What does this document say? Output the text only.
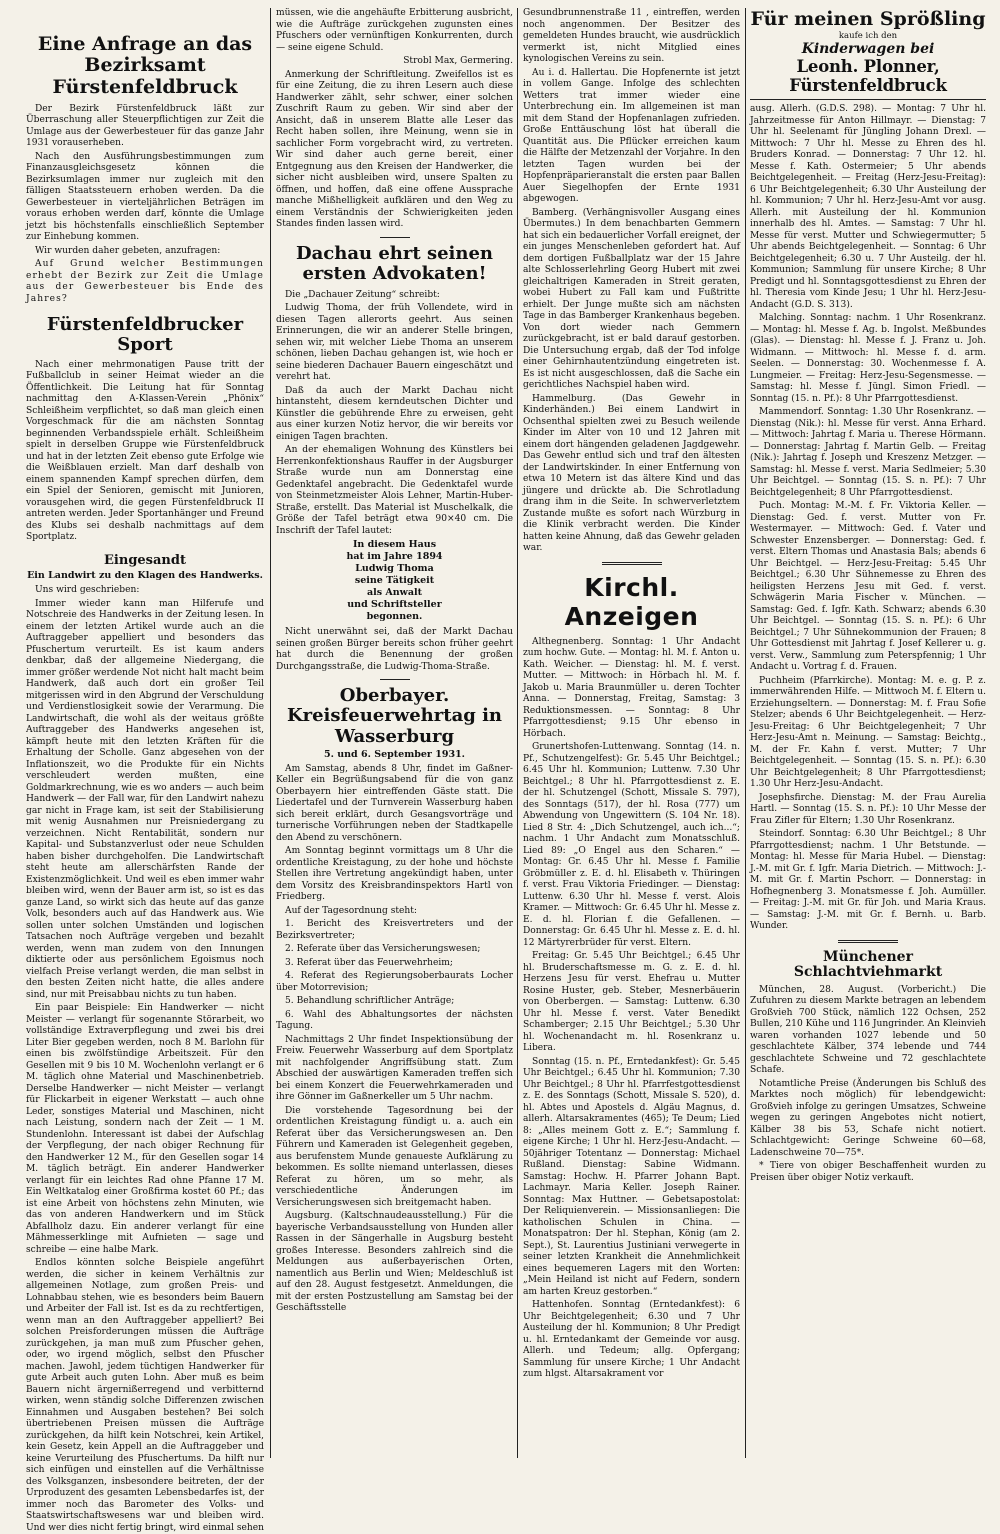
Eine Anfrage an das Bezirksamt Fürstenfeldbruck

Der Bezirk Fürstenfeldbruck läßt zur Überraschung aller Steuerpflichtigen zur Zeit die Umlage aus der Gewerbesteuer für das ganze Jahr 1931 vorauserheben.

Nach den Ausführungsbestimmungen zum Finanzausgleichsgesetz können die Bezirksumlagen immer nur zugleich mit den fälligen Staatssteuern erhoben werden. Da die Gewerbesteuer in vierteljährlichen Beträgen im voraus erhoben werden darf, könnte die Umlage jetzt bis höchstenfalls einschließlich September zur Einhebung kommen.

Wir wurden daher gebeten, anzufragen:

Auf Grund welcher Bestimmungen erhebt der Bezirk zur Zeit die Umlage aus der Gewerbesteuer bis Ende des Jahres?

Fürstenfeldbrucker Sport

Nach einer mehrmonatigen Pause tritt der Fußballclub in seiner Heimat wieder an die Öffentlichkeit. Die Leitung hat für Sonntag nachmittag den A-Klassen-Verein „Phönix“ Schleißheim verpflichtet, so daß man gleich einen Vorgeschmack für die am nächsten Sonntag beginnenden Verbandsspiele erhält. Schleißheim spielt in derselben Gruppe wie Fürstenfeldbruck und hat in der letzten Zeit ebenso gute Erfolge wie die Weißblauen erzielt. Man darf deshalb von einem spannenden Kampf sprechen dürfen, dem ein Spiel der Senioren, gemischt mit Junioren, vorausgehen wird, die gegen Fürstenfeldbruck II antreten werden. Jeder Sportanhänger und Freund des Klubs sei deshalb nachmittags auf dem Sportplatz.

Eingesandt
Ein Landwirt zu den Klagen des Handwerks.

Uns wird geschrieben:

Immer wieder kann man Hilferufe und Notschreie des Handwerks in der Zeitung lesen. In einem der letzten Artikel wurde auch an die Auftraggeber appelliert und besonders das Pfuschertum verurteilt. Es ist kaum anders denkbar, daß der allgemeine Niedergang, die immer größer werdende Not nicht halt macht beim Handwerk, daß auch dort ein großer Teil mitgerissen wird in den Abgrund der Verschuldung und Verdienstlosigkeit sowie der Verarmung. Die Landwirtschaft, die wohl als der weitaus größte Auftraggeber des Handwerks angesehen ist, kämpft heute mit den letzten Kräften für die Erhaltung der Scholle. Ganz abgesehen von der Inflationszeit, wo die Produkte für ein Nichts verschleudert werden mußten, eine Goldmarkrechnung, wie es wo anders — auch beim Handwerk — der Fall war, für den Landwirt nahezu gar nicht in Frage kam, ist seit der Stabilisierung mit wenig Ausnahmen nur Preisniedergang zu verzeichnen. Nicht Rentabilität, sondern nur Kapital- und Substanzverlust oder neue Schulden haben bisher durchgeholfen. Die Landwirtschaft steht heute am allerschärfsten Rande der Existenzmöglichkeit. Und weil es eben immer wahr bleiben wird, wenn der Bauer arm ist, so ist es das ganze Land, so wirkt sich das heute auf das ganze Volk, besonders auch auf das Handwerk aus. Wie sollen unter solchen Umständen und logischen Tatsachen noch Aufträge vergeben und bezahlt werden, wenn man zudem von den Innungen diktierte oder aus persönlichem Egoismus noch vielfach Preise verlangt werden, die man selbst in den besten Zeiten nicht hatte, die alles andere sind, nur mit Preisabbau nichts zu tun haben.

Ein paar Beispiele: Ein Handwerker — nicht Meister — verlangt für sogenannte Störarbeit, wo vollständige Extraverpflegung und zwei bis drei Liter Bier gegeben werden, noch 8 M. Barlohn für einen bis zwölfstündige Arbeitszeit. Für den Gesellen mit 9 bis 10 M. Wochenlohn verlangt er 6 M. täglich ohne Material und Maschinenbetrieb. Derselbe Handwerker — nicht Meister — verlangt für Flickarbeit in eigener Werkstatt — auch ohne Leder, sonstiges Material und Maschinen, nicht nach Leistung, sondern nach der Zeit — 1 M. Stundenlohn. Interessant ist dabei der Aufschlag der Verpflegung, der nach obiger Rechnung für den Handwerker 12 M., für den Gesellen sogar 14 M. täglich beträgt. Ein anderer Handwerker verlangt für ein leichtes Rad ohne Pfanne 17 M. Ein Weltkatalog einer Großfirma kostet 60 Pf.; das ist eine Arbeit von höchstens zehn Minuten, wie das von anderen Handwerkern und im Stück Abfallholz dazu. Ein anderer verlangt für eine Mähmesserklinge mit Aufnieten — sage und schreibe — eine halbe Mark.

Endlos könnten solche Beispiele angeführt werden, die sicher in keinem Verhältnis zur allgemeinen Notlage, zum großen Preis- und Lohnabbau stehen, wie es besonders beim Bauern und Arbeiter der Fall ist. Ist es da zu rechtfertigen, wenn man an den Auftraggeber appelliert? Bei solchen Preisforderungen müssen die Aufträge zurückgehen, ja man muß zum Pfuscher gehen, oder, wo irgend möglich, selbst den Pfuscher machen. Jawohl, jedem tüchtigen Handwerker für gute Arbeit auch guten Lohn. Aber muß es beim Bauern nicht ärgernißerregend und verbitternd wirken, wenn ständig solche Differenzen zwischen Einnahmen und Ausgaben bestehen? Bei solch übertriebenen Preisen müssen die Aufträge zurückgehen, da hilft kein Notschrei, kein Artikel, kein Gesetz, kein Appell an die Auftraggeber und keine Verurteilung des Pfuschertums. Da hilft nur sich einfügen und einstellen auf die Verhältnisse des Volksganzen, insbesondere beitreten, der der Urproduzent des gesamten Lebensbedarfes ist, der immer noch das Barometer des Volks- und Staatswirtschaftswesens war und bleiben wird. Und wer dies nicht fertig bringt, wird einmal sehen

müssen, wie die angehäufte Erbitterung ausbricht, wie die Aufträge zurückgehen zugunsten eines Pfuschers oder vernünftigen Konkurrenten, durch — seine eigene Schuld.

Strobl Max, Germering.

Anmerkung der Schriftleitung. Zweifellos ist es für eine Zeitung, die zu ihren Lesern auch diese Handwerker zählt, sehr schwer, einer solchen Zuschrift Raum zu geben. Wir sind aber der Ansicht, daß in unserem Blatte alle Leser das Recht haben sollen, ihre Meinung, wenn sie in sachlicher Form vorgebracht wird, zu vertreten. Wir sind daher auch gerne bereit, einer Entgegnung aus den Kreisen der Handwerker, die sicher nicht ausbleiben wird, unsere Spalten zu öffnen, und hoffen, daß eine offene Aussprache manche Mißhelligkeit aufklären und den Weg zu einem Verständnis der Schwierigkeiten jeden Standes finden lassen wird.

Dachau ehrt seinen ersten Advokaten!

Die „Dachauer Zeitung“ schreibt:

Ludwig Thoma, der früh Vollendete, wird in diesen Tagen allerorts geehrt. Aus seinen Erinnerungen, die wir an anderer Stelle bringen, sehen wir, mit welcher Liebe Thoma an unserem schönen, lieben Dachau gehangen ist, wie hoch er seine biederen Dachauer Bauern eingeschätzt und verehrt hat.

Daß da auch der Markt Dachau nicht hintansteht, diesem kerndeutschen Dichter und Künstler die gebührende Ehre zu erweisen, geht aus einer kurzen Notiz hervor, die wir bereits vor einigen Tagen brachten.

An der ehemaligen Wohnung des Künstlers bei Herrenkonfektionshaus Rauffer in der Augsburger Straße wurde nun am Donnerstag eine Gedenktafel angebracht. Die Gedenktafel wurde von Steinmetzmeister Alois Lehner, Martin-Huber-Straße, erstellt. Das Material ist Muschelkalk, die Größe der Tafel beträgt etwa 90×40 cm. Die Inschrift der Tafel lautet:

In diesem Haus
hat im Jahre 1894
Ludwig Thoma
seine Tätigkeit
als Anwalt
und Schriftsteller
begonnen.

Nicht unerwähnt sei, daß der Markt Dachau seinen großen Bürger bereits schon früher geehrt hat durch die Benennung der großen Durchgangsstraße, die Ludwig-Thoma-Straße.

Oberbayer. Kreisfeuerwehrtag in Wasserburg
5. und 6. September 1931.

Am Samstag, abends 8 Uhr, findet im Gaßner-Keller ein Begrüßungsabend für die von ganz Oberbayern hier eintreffenden Gäste statt. Die Liedertafel und der Turnverein Wasserburg haben sich bereit erklärt, durch Gesangsvorträge und turnerische Vorführungen neben der Stadtkapelle den Abend zu verschönern.

Am Sonntag beginnt vormittags um 8 Uhr die ordentliche Kreistagung, zu der hohe und höchste Stellen ihre Vertretung angekündigt haben, unter dem Vorsitz des Kreisbrandinspektors Hartl von Friedberg.

Auf der Tagesordnung steht:

1. Bericht des Kreisvertreters und der Bezirksvertreter;

2. Referate über das Versicherungswesen;

3. Referat über das Feuerwehrheim;

4. Referat des Regierungsoberbaurats Locher über Motorrevision;

5. Behandlung schriftlicher Anträge;

6. Wahl des Abhaltungsortes der nächsten Tagung.

Nachmittags 2 Uhr findet Inspektionsübung der Freiw. Feuerwehr Wasserburg auf dem Sportplatz mit nachfolgender Angriffsübung statt. Zum Abschied der auswärtigen Kameraden treffen sich bei einem Konzert die Feuerwehrkameraden und ihre Gönner im Gaßnerkeller um 5 Uhr nachm.

Die vorstehende Tagesordnung bei der ordentlichen Kreistagung fündigt u. a. auch ein Referat über das Versicherungswesen an. Den Führern und Kameraden ist Gelegenheit gegeben, aus berufenstem Munde genaueste Aufklärung zu bekommen. Es sollte niemand unterlassen, dieses Referat zu hören, um so mehr, als verschiedentliche Änderungen im Versicherungswesen sich breitgemacht haben.

Augsburg. (Kaltschnaudeausstellung.) Für die bayerische Verbandsausstellung von Hunden aller Rassen in der Sängerhalle in Augsburg besteht großes Interesse. Besonders zahlreich sind die Meldungen aus außerbayerischen Orten, namentlich aus Berlin und Wien; Meldeschluß ist auf den 28. August festgesetzt. Anmeldungen, die mit der ersten Postzustellung am Samstag bei der Geschäftsstelle

Gesundbrunnenstraße 11 , eintreffen, werden noch angenommen. Der Besitzer des gemeldeten Hundes braucht, wie ausdrücklich vermerkt ist, nicht Mitglied eines kynologischen Vereins zu sein.

Au i. d. Hallertau. Die Hopfenernte ist jetzt in vollem Gange. Infolge des schlechten Wetters trat immer wieder eine Unterbrechung ein. Im allgemeinen ist man mit dem Stand der Hopfenanlagen zufrieden. Große Enttäuschung löst hat überall die Quantität aus. Die Pflücker erreichen kaum die Hälfte der Metzenzahl der Vorjahre. In den letzten Tagen wurden bei der Hopfenpräparieranstalt die ersten paar Ballen Auer Siegelhopfen der Ernte 1931 abgewogen.

Bamberg. (Verhängnisvoller Ausgang eines Übermutes.) In dem benachbarten Gemmern hat sich ein bedauerlicher Vorfall ereignet, der ein junges Menschenleben gefordert hat. Auf dem dortigen Fußballplatz war der 15 Jahre alte Schlosserlehrling Georg Hubert mit zwei gleichaltrigen Kameraden in Streit geraten, wobei Hubert zu Fall kam und Fußtritte erhielt. Der Junge mußte sich am nächsten Tage in das Bamberger Krankenhaus begeben. Von dort wieder nach Gemmern zurückgebracht, ist er bald darauf gestorben. Die Untersuchung ergab, daß der Tod infolge einer Gehirnhautentzündung eingetreten ist. Es ist nicht ausgeschlossen, daß die Sache ein gerichtliches Nachspiel haben wird.

Hammelburg. (Das Gewehr in Kinderhänden.) Bei einem Landwirt in Ochsenthal spielten zwei zu Besuch weilende Kinder im Alter von 10 und 12 Jahren mit einem dort hängenden geladenen Jagdgewehr. Das Gewehr entlud sich und traf den ältesten der Landwirtskinder. In einer Entfernung von etwa 10 Metern ist das ältere Kind und das jüngere und drückte ab. Die Schrotladung drang ihm in die Seite. In schwerverletztem Zustande mußte es sofort nach Würzburg in die Klinik verbracht werden. Die Kinder hatten keine Ahnung, daß das Gewehr geladen war.

Kirchl. Anzeigen

Althegnenberg. Sonntag: 1 Uhr Andacht zum hochw. Gute. — Montag: hl. M. f. Anton u. Kath. Weicher. — Dienstag: hl. M. f. verst. Mutter. — Mittwoch: in Hörbach hl. M. f. Jakob u. Maria Braunmüller u. deren Tochter Anna. — Donnerstag, Freitag, Samstag: 3 Reduktionsmessen. — Sonntag: 8 Uhr Pfarrgottesdienst; 9.15 Uhr ebenso in Hörbach.

Grunertshofen-Luttenwang. Sonntag (14. n. Pf., Schutzengelfest): Gr. 5.45 Uhr Beichtgel.; 6.45 Uhr hl. Kommunion; Luttenw. 7.30 Uhr Beichtgel.; 8 Uhr hl. Pfarrgottesdienst z. E. der hl. Schutzengel (Schott, Missale S. 797), des Sonntags (517), der hl. Rosa (777) um Abwendung von Ungewittern (S. 104 Nr. 18). Lied 8 Str. 4: „Dich Schutzengel, auch ich...“; nachm. 1 Uhr Andacht zum Monatsschluß. Lied 89: „O Engel aus den Scharen.“ — Montag: Gr. 6.45 Uhr hl. Messe f. Familie Gröbmüller z. E. d. hl. Elisabeth v. Thüringen f. verst. Frau Viktoria Friedinger. — Dienstag: Luttenw. 6.30 Uhr hl. Messe f. verst. Alois Kramer. — Mittwoch: Gr. 6.45 Uhr hl. Messe z. E. d. hl. Florian f. die Gefallenen. — Donnerstag: Gr. 6.45 Uhr hl. Messe z. E. d. hl. 12 Märtyrerbrüder für verst. Eltern.

Freitag: Gr. 5.45 Uhr Beichtgel.; 6.45 Uhr hl. Bruderschaftsmesse m. G. z. E. d. hl. Herzens Jesu für verst. Ehefrau u. Mutter Rosine Huster, geb. Steber, Mesnerbäuerin von Oberbergen. — Samstag: Luttenw. 6.30 Uhr hl. Messe f. verst. Vater Benedikt Schamberger; 2.15 Uhr Beichtgel.; 5.30 Uhr hl. Wochenandacht m. hl. Rosenkranz u. Libera.

Sonntag (15. n. Pf., Erntedankfest): Gr. 5.45 Uhr Beichtgel.; 6.45 Uhr hl. Kommunion; 7.30 Uhr Beichtgel.; 8 Uhr hl. Pfarrfestgottesdienst z. E. des Sonntags (Schott, Missale S. 520), d. hl. Abtes und Apostels d. Algäu Magnus, d. allerh. Altarsakramentes (465); Te Deum; Lied 8: „Alles meinem Gott z. E.“; Sammlung f. eigene Kirche; 1 Uhr hl. Herz-Jesu-Andacht. — 50jähriger Totentanz — Donnerstag: Michael Rußland. Dienstag: Sabine Widmann. Samstag: Hochw. H. Pfarrer Johann Bapt. Lachmayr. Maria Keller. Joseph Rainer. Sonntag: Max Huttner. — Gebetsapostolat: Der Reliquienverein. — Missionsanliegen: Die katholischen Schulen in China. — Monatspatron: Der hl. Stephan, König (am 2. Sept.), St. Laurentius Justiniani verwegerte in seiner letzten Krankheit die Annehmlichkeit eines bequemeren Lagers mit den Worten: „Mein Heiland ist nicht auf Federn, sondern am harten Kreuz gestorben.“

Hattenhofen. Sonntag (Erntedankfest): 6 Uhr Beichtgelegenheit; 6.30 und 7 Uhr Austeilung der hl. Kommunion; 8 Uhr Predigt u. hl. Erntedankamt der Gemeinde vor ausg. Allerh. und Tedeum; allg. Opfergang; Sammlung für unsere Kirche; 1 Uhr Andacht zum hlgst. Altarsakrament vor

Für meinen Sprößling
kaufe ich den
Kinderwagen bei
Leonh. Plonner, Fürstenfeldbruck

ausg. Allerh. (G.D.S. 298). — Montag: 7 Uhr hl. Jahrzeitmesse für Anton Hillmayr. — Dienstag: 7 Uhr hl. Seelenamt für Jüngling Johann Drexl. — Mittwoch: 7 Uhr hl. Messe zu Ehren des hl. Bruders Konrad. — Donnerstag: 7 Uhr 12. hl. Messe f. Kath. Ostermeier; 5 Uhr abends Beichtgelegenheit. — Freitag (Herz-Jesu-Freitag): 6 Uhr Beichtgelegenheit; 6.30 Uhr Austeilung der hl. Kommunion; 7 Uhr hl. Herz-Jesu-Amt vor ausg. Allerh. mit Austeilung der hl. Kommunion innerhalb des hl. Amtes. — Samstag: 7 Uhr hl. Messe für verst. Mutter und Schwiegermutter; 5 Uhr abends Beichtgelegenheit. — Sonntag: 6 Uhr Beichtgelegenheit; 6.30 u. 7 Uhr Austeilg. der hl. Kommunion; Sammlung für unsere Kirche; 8 Uhr Predigt und hl. Sonntagsgottesdienst zu Ehren der hl. Theresia vom Kinde Jesu; 1 Uhr hl. Herz-Jesu-Andacht (G.D. S. 313).

Malching. Sonntag: nachm. 1 Uhr Rosenkranz. — Montag: hl. Messe f. Ag. b. Ingolst. Meßbundes (Glas). — Dienstag: hl. Messe f. J. Franz u. Joh. Widmann. — Mittwoch: hl. Messe f. d. arm. Seelen. — Donnerstag: 30. Wochenmesse f. A. Lungmeier. — Freitag: Herz-Jesu-Segensmesse. — Samstag: hl. Messe f. Jüngl. Simon Friedl. — Sonntag (15. n. Pf.): 8 Uhr Pfarrgottesdienst.

Mammendorf. Sonntag: 1.30 Uhr Rosenkranz. — Dienstag (Nik.): hl. Messe für verst. Anna Erhard. — Mittwoch: Jahrtag f. Maria u. Therese Hörmann. — Donnerstag: Jahrtag f. Martin Gelb. — Freitag (Nik.): Jahrtag f. Joseph und Kreszenz Metzger. — Samstag: hl. Messe f. verst. Maria Sedlmeier; 5.30 Uhr Beichtgel. — Sonntag (15. S. n. Pf.): 7 Uhr Beichtgelegenheit; 8 Uhr Pfarrgottesdienst.

Puch. Montag: M.-M. f. Fr. Viktoria Keller. — Dienstag: Ged. f. verst. Mutter von Fr. Westermayer. — Mittwoch: Ged. f. Vater und Schwester Enzensberger. — Donnerstag: Ged. f. verst. Eltern Thomas und Anastasia Bals; abends 6 Uhr Beichtgel. — Herz-Jesu-Freitag: 5.45 Uhr Beichtgel.; 6.30 Uhr Sühnemesse zu Ehren des heiligsten Herzens Jesu mit Ged. f. verst. Schwägerin Maria Fischer v. München. — Samstag: Ged. f. Igfr. Kath. Schwarz; abends 6.30 Uhr Beichtgel. — Sonntag (15. S. n. Pf.): 6 Uhr Beichtgel.; 7 Uhr Sühnekommunion der Frauen; 8 Uhr Gottesdienst mit Jahrtag f. Josef Kellerer u. g. verst. Verw., Sammlung zum Peterspfennig; 1 Uhr Andacht u. Vortrag f. d. Frauen.

Puchheim (Pfarrkirche). Montag: M. e. g. P. z. immerwährenden Hilfe. — Mittwoch M. f. Eltern u. Erziehungseltern. — Donnerstag: M. f. Frau Sofie Stelzer; abends 6 Uhr Beichtgelegenheit. — Herz-Jesu-Freitag: 6 Uhr Beichtgelegenheit; 7 Uhr Herz-Jesu-Amt n. Meinung. — Samstag: Beichtg., M. der Fr. Kahn f. verst. Mutter; 7 Uhr Beichtgelegenheit. — Sonntag (15. S. n. Pf.): 6.30 Uhr Beichtgelegenheit; 8 Uhr Pfarrgottesdienst; 1.30 Uhr Herz-Jesu-Andacht.

Josephsfirche. Dienstag: M. der Frau Aurelia Hartl. — Sonntag (15. S. n. Pf.): 10 Uhr Messe der Frau Zifler für Eltern; 1.30 Uhr Rosenkranz.

Steindorf. Sonntag: 6.30 Uhr Beichtgel.; 8 Uhr Pfarrgottesdienst; nachm. 1 Uhr Betstunde. — Montag: hl. Messe für Maria Hubel. — Dienstag: J.-M. mit Gr. f. Igfr. Maria Dietrich. — Mittwoch: J.-M. mit Gr. f. Martin Pschorr. — Donnerstag: in Hofhegnenberg 3. Monatsmesse f. Joh. Aumüller. — Freitag: J.-M. mit Gr. für Joh. und Maria Kraus. — Samstag: J.-M. mit Gr. f. Bernh. u. Barb. Wunder.

Münchener Schlachtviehmarkt

München, 28. August. (Vorbericht.) Die Zufuhren zu diesem Markte betragen an lebendem Großvieh 700 Stück, nämlich 122 Ochsen, 252 Bullen, 210 Kühe und 116 Jungrinder. An Kleinvieh waren vorhanden 1027 lebende und 50 geschlachtete Kälber, 374 lebende und 744 geschlachtete Schweine und 72 geschlachtete Schafe.

Notamtliche Preise (Änderungen bis Schluß des Marktes noch möglich) für lebendgewicht: Großvieh infolge zu geringen Umsatzes, Schweine wegen zu geringen Angebotes nicht notiert, Kälber 38 bis 53, Schafe nicht notiert. Schlachtgewicht: Geringe Schweine 60—68, Ladenschweine 70—75*.

* Tiere von obiger Beschaffenheit wurden zu Preisen über obiger Notiz verkauft.
